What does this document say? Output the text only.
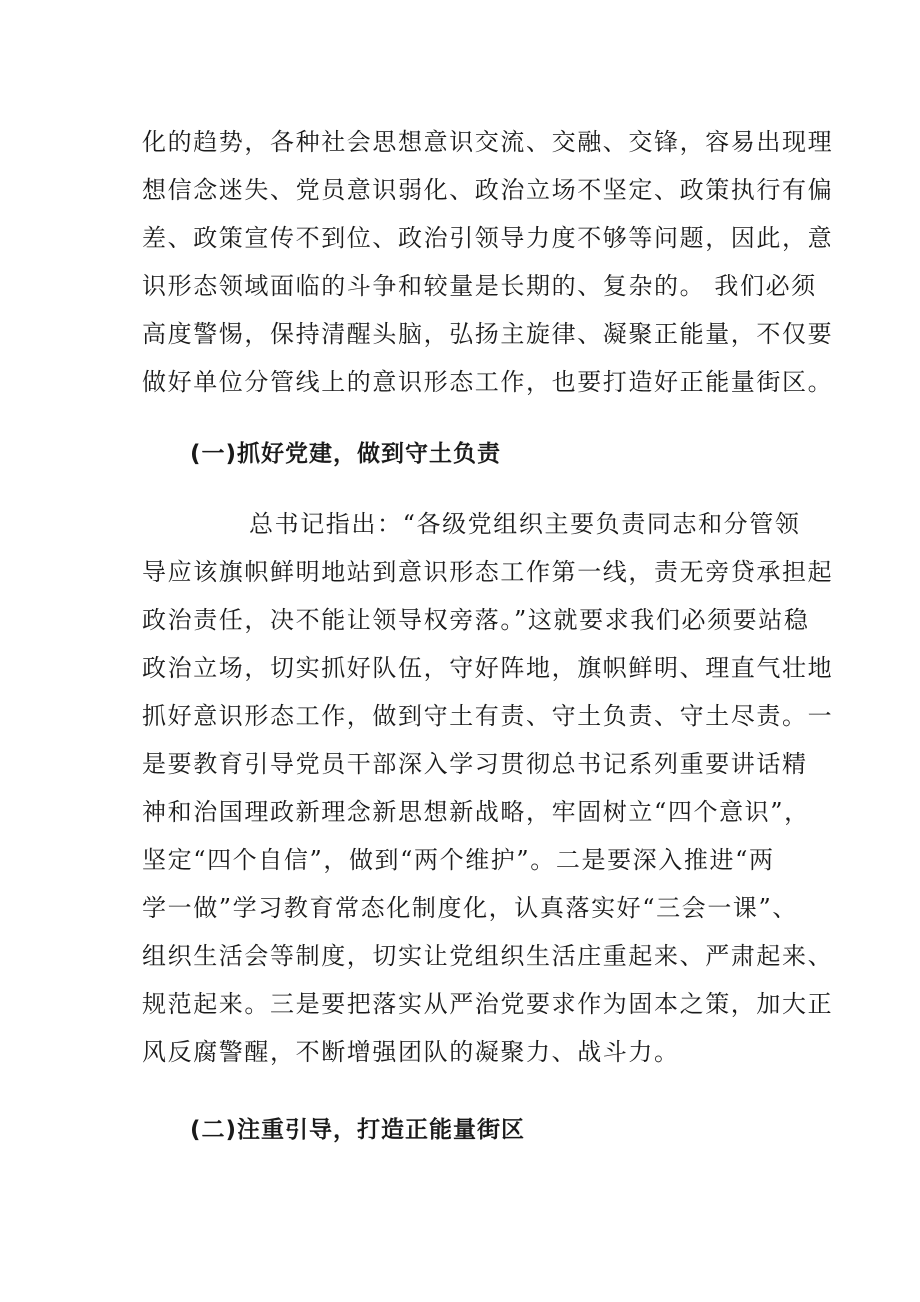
化的趋势，各种社会思想意识交流、交融、交锋，容易出现理
想信念迷失、党员意识弱化、政治立场不坚定、政策执行有偏
差、政策宣传不到位、政治引领导力度不够等问题，因此，意
识形态领域面临的斗争和较量是长期的、复杂的。 我们必须
高度警惕，保持清醒头脑，弘扬主旋律、凝聚正能量，不仅要
做好单位分管线上的意识形态工作，也要打造好正能量街区。
(一)抓好党建，做到守土负责
总书记指出：“各级党组织主要负责同志和分管领
导应该旗帜鲜明地站到意识形态工作第一线，责无旁贷承担起
政治责任，决不能让领导权旁落。”这就要求我们必须要站稳
政治立场，切实抓好队伍，守好阵地，旗帜鲜明、理直气壮地
抓好意识形态工作，做到守土有责、守土负责、守土尽责。一
是要教育引导党员干部深入学习贯彻总书记系列重要讲话精
神和治国理政新理念新思想新战略，牢固树立“四个意识”，
坚定“四个自信”，做到“两个维护”。二是要深入推进“两
学一做”学习教育常态化制度化，认真落实好“三会一课”、
组织生活会等制度，切实让党组织生活庄重起来、严肃起来、
规范起来。三是要把落实从严治党要求作为固本之策，加大正
风反腐警醒，不断增强团队的凝聚力、战斗力。
(二)注重引导，打造正能量街区
